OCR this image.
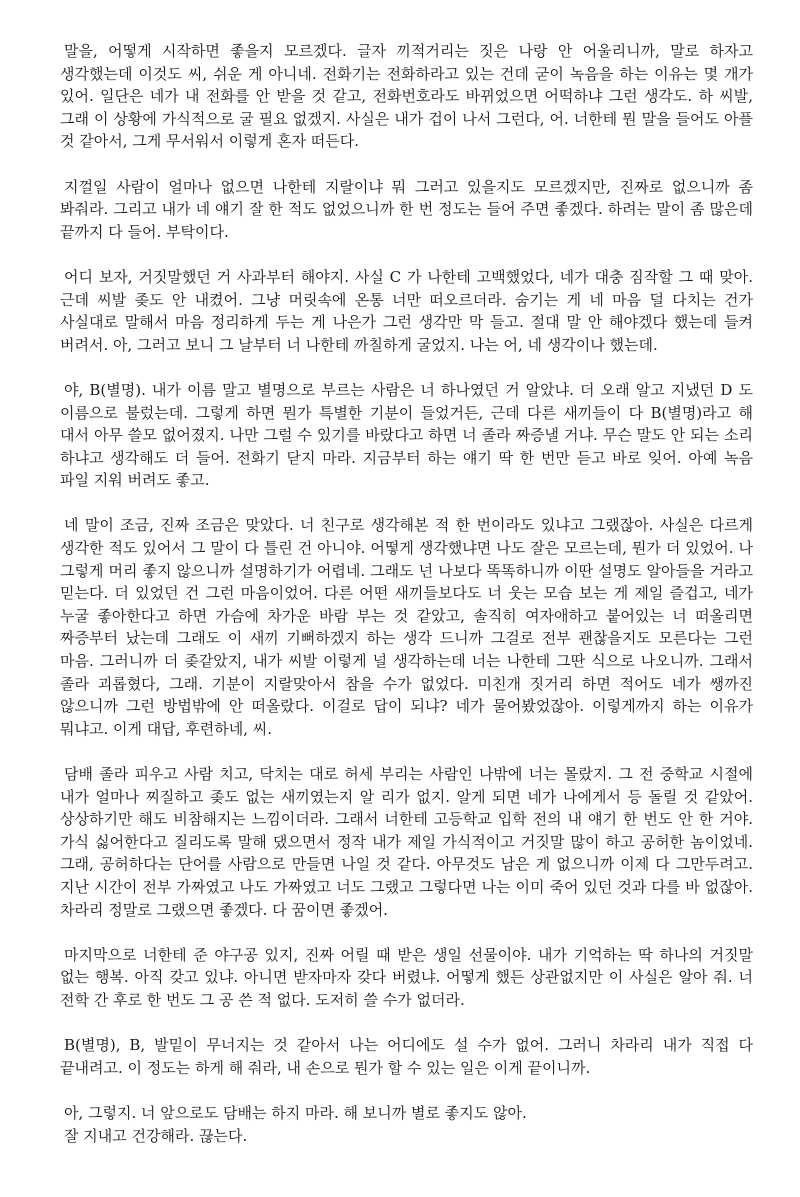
말을, 어떻게 시작하면 좋을지 모르겠다. 글자 끼적거리는 짓은 나랑 안 어울리니까, 말로 하자고 생각했는데 이것도 씨, 쉬운 게 아니네. 전화기는 전화하라고 있는 건데 굳이 녹음을 하는 이유는 몇 개가 있어. 일단은 네가 내 전화를 안 받을 것 같고, 전화번호라도 바뀌었으면 어떡하냐 그런 생각도. 하 씨발, 그래 이 상황에 가식적으로 굴 필요 없겠지. 사실은 내가 겁이 나서 그런다, 어. 너한테 뭔 말을 들어도 아플 것 같아서, 그게 무서워서 이렇게 혼자 떠든다.

지껄일 사람이 얼마나 없으면 나한테 지랄이냐 뭐 그러고 있을지도 모르겠지만, 진짜로 없으니까 좀 봐줘라. 그리고 내가 네 얘기 잘 한 적도 없었으니까 한 번 정도는 들어 주면 좋겠다. 하려는 말이 좀 많은데 끝까지 다 들어. 부탁이다.

어디 보자, 거짓말했던 거 사과부터 해야지. 사실 C 가 나한테 고백했었다, 네가 대충 짐작할 그 때 맞아. 근데 씨발 좆도 안 내켰어. 그냥 머릿속에 온통 너만 떠오르더라. 숨기는 게 네 마음 덜 다치는 건가 사실대로 말해서 마음 정리하게 두는 게 나은가 그런 생각만 막 들고. 절대 말 안 해야겠다 했는데 들켜 버려서. 아, 그러고 보니 그 날부터 너 나한테 까칠하게 굴었지. 나는 어, 네 생각이나 했는데.

야, B(별명). 내가 이름 말고 별명으로 부르는 사람은 너 하나였던 거 알았냐. 더 오래 알고 지냈던 D 도 이름으로 불렀는데. 그렇게 하면 뭔가 특별한 기분이 들었거든, 근데 다른 새끼들이 다 B(별명)라고 해 대서 아무 쓸모 없어졌지. 나만 그럴 수 있기를 바랐다고 하면 너 졸라 짜증낼 거냐. 무슨 말도 안 되는 소리 하냐고 생각해도 더 들어. 전화기 닫지 마라. 지금부터 하는 얘기 딱 한 번만 듣고 바로 잊어. 아예 녹음 파일 지워 버려도 좋고.

네 말이 조금, 진짜 조금은 맞았다. 너 친구로 생각해본 적 한 번이라도 있냐고 그랬잖아. 사실은 다르게 생각한 적도 있어서 그 말이 다 틀린 건 아니야. 어떻게 생각했냐면 나도 잘은 모르는데, 뭔가 더 있었어. 나 그렇게 머리 좋지 않으니까 설명하기가 어렵네. 그래도 넌 나보다 똑똑하니까 이딴 설명도 알아들을 거라고 믿는다. 더 있었던 건 그런 마음이었어. 다른 어떤 새끼들보다도 너 웃는 모습 보는 게 제일 즐겁고, 네가 누굴 좋아한다고 하면 가슴에 차가운 바람 부는 것 같았고, 솔직히 여자애하고 붙어있는 너 떠올리면 짜증부터 났는데 그래도 이 새끼 기뻐하겠지 하는 생각 드니까 그걸로 전부 괜찮을지도 모른다는 그런 마음. 그러니까 더 좆같았지, 내가 씨발 이렇게 널 생각하는데 너는 나한테 그딴 식으로 나오니까. 그래서 졸라 괴롭혔다, 그래. 기분이 지랄맞아서 참을 수가 없었다. 미친개 짓거리 하면 적어도 네가 쌩까진 않으니까 그런 방법밖에 안 떠올랐다. 이걸로 답이 되냐? 네가 물어봤었잖아. 이렇게까지 하는 이유가 뭐냐고. 이게 대답, 후련하네, 씨.

담배 졸라 피우고 사람 치고, 닥치는 대로 허세 부리는 사람인 나밖에 너는 몰랐지. 그 전 중학교 시절에 내가 얼마나 찌질하고 좆도 없는 새끼였는지 알 리가 없지. 알게 되면 네가 나에게서 등 돌릴 것 같았어. 상상하기만 해도 비참해지는 느낌이더라. 그래서 너한테 고등학교 입학 전의 내 얘기 한 번도 안 한 거야. 가식 싫어한다고 질리도록 말해 댔으면서 정작 내가 제일 가식적이고 거짓말 많이 하고 공허한 놈이었네. 그래, 공허하다는 단어를 사람으로 만들면 나일 것 같다. 아무것도 남은 게 없으니까 이제 다 그만두려고. 지난 시간이 전부 가짜였고 나도 가짜였고 너도 그랬고 그렇다면 나는 이미 죽어 있던 것과 다를 바 없잖아. 차라리 정말로 그랬으면 좋겠다. 다 꿈이면 좋겠어.

마지막으로 너한테 준 야구공 있지, 진짜 어릴 때 받은 생일 선물이야. 내가 기억하는 딱 하나의 거짓말 없는 행복. 아직 갖고 있냐. 아니면 받자마자 갖다 버렸냐. 어떻게 했든 상관없지만 이 사실은 알아 줘. 너 전학 간 후로 한 번도 그 공 쓴 적 없다. 도저히 쓸 수가 없더라.

B(별명), B, 발밑이 무너지는 것 같아서 나는 어디에도 설 수가 없어. 그러니 차라리 내가 직접 다 끝내려고. 이 정도는 하게 해 줘라, 내 손으로 뭔가 할 수 있는 일은 이게 끝이니까.

아, 그렇지. 너 앞으로도 담배는 하지 마라. 해 보니까 별로 좋지도 않아.
잘 지내고 건강해라. 끊는다.
